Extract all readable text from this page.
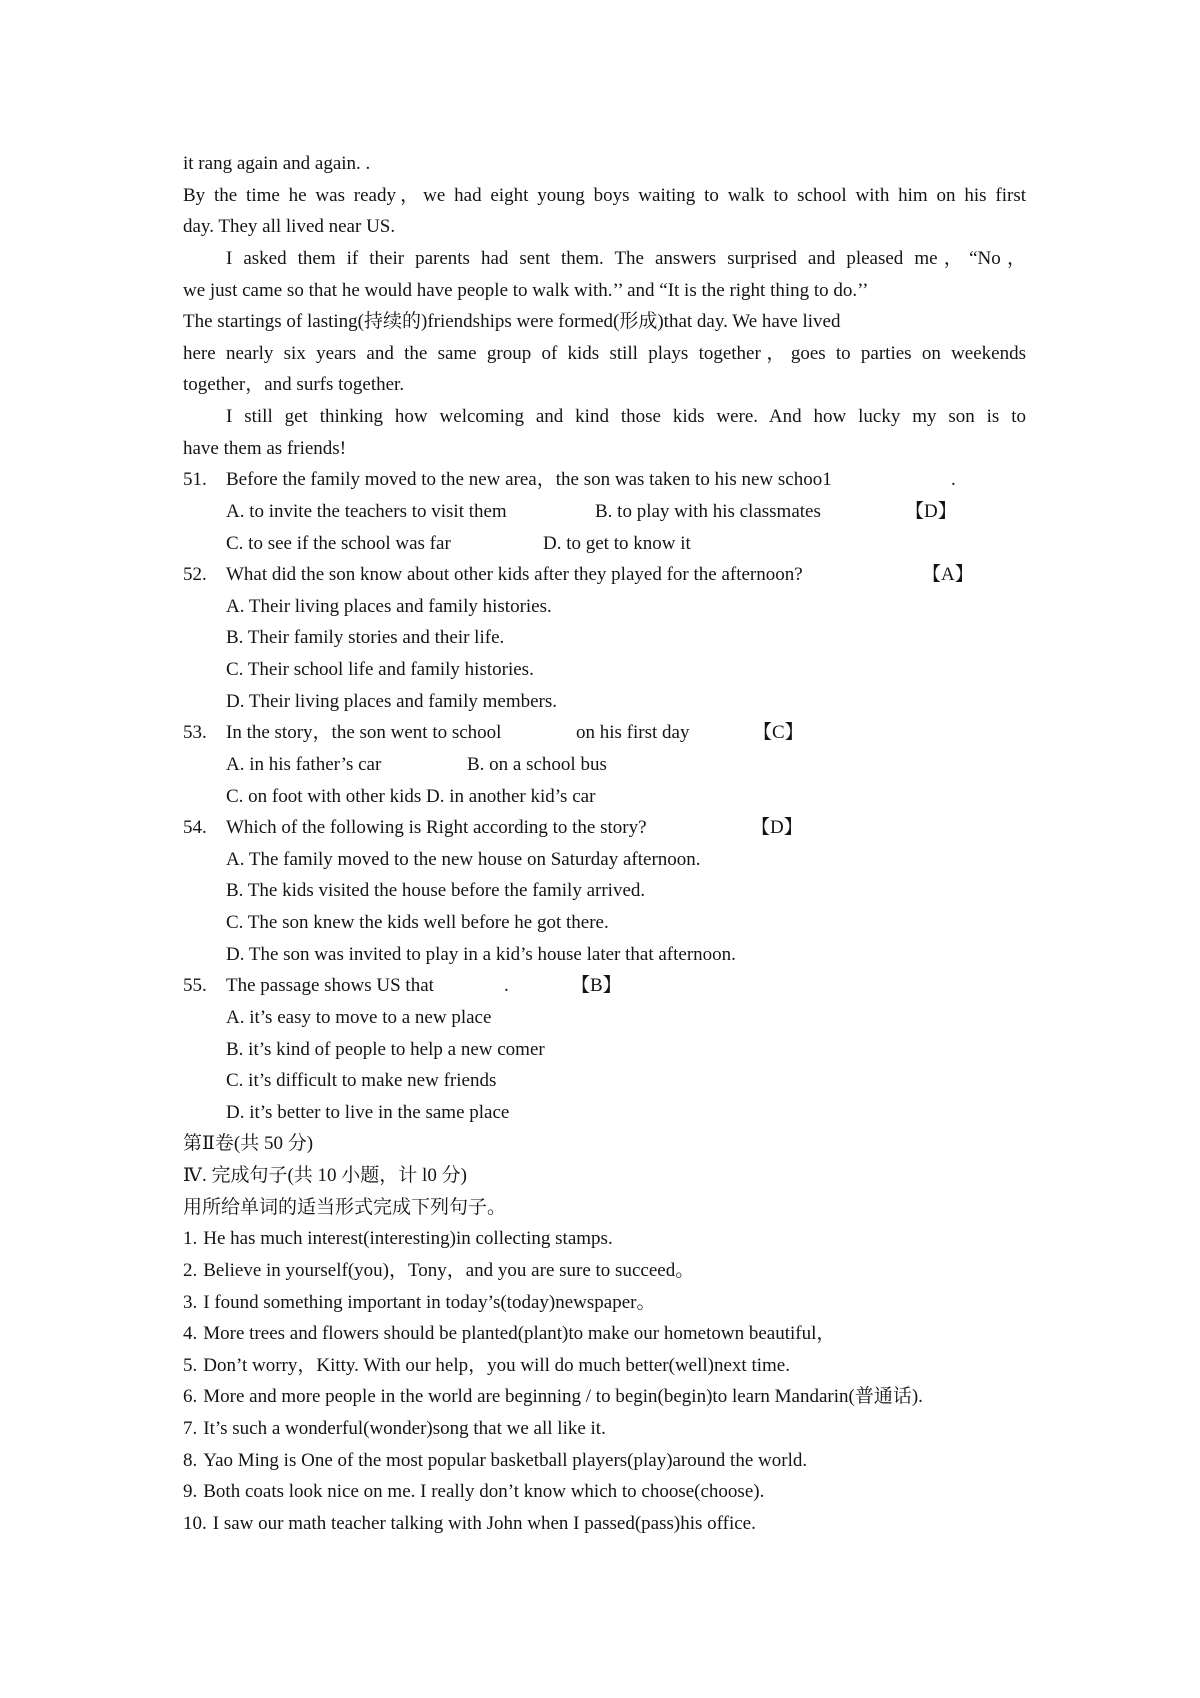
it rang again and again. .
By the time he was ready，we had eight young boys waiting to walk to school with him on his first
day. They all lived near US.
I asked them if their parents had sent them. The answers surprised and pleased me，“No，
we just came so that he would have people to walk with.’’ and “It is the right thing to do.’’
The startings of lasting(持续的)friendships were formed(形成)that day. We have lived
here nearly six years and the same group of kids still plays together，goes to parties on weekends
together，and surfs together.
I still get thinking how welcoming and kind those kids were. And how lucky my son is to
have them as friends!
51. Before the family moved to the new area，the son was taken to his new schoo1	.
A. to invite the teachers to visit them	B. to play with his classmates	【D】
C. to see if the school was far	D. to get to know it
52. What did the son know about other kids after they played for the afternoon?	【A】
A. Their living places and family histories.
B. Their family stories and their life.
C. Their school life and family histories.
D. Their living places and family members.
53. In the story，the son went to school	on his first day	【C】
A. in his father’s car	B. on a school bus
C. on foot with other kids D. in another kid’s car
54. Which of the following is Right according to the story?	【D】
A. The family moved to the new house on Saturday afternoon.
B. The kids visited the house before the family arrived.
C. The son knew the kids well before he got there.
D. The son was invited to play in a kid’s house later that afternoon.
55. The passage shows US that	.	【B】
A. it’s easy to move to a new place
B. it’s kind of people to help a new comer
C. it’s difficult to make new friends
D. it’s better to live in the same place
第Ⅱ卷(共 50 分)
Ⅳ. 完成句子(共 10 小题，计 l0 分)
用所给单词的适当形式完成下列句子。
1. He has much interest(interesting)in collecting stamps.
2. Believe in yourself(you)，Tony，and you are sure to succeed。
3. I found something important in today’s(today)newspaper。
4. More trees and flowers should be planted(plant)to make our hometown beautiful，
5. Don’t worry，Kitty. With our help，you will do much better(well)next time.
6. More and more people in the world are beginning / to begin(begin)to learn Mandarin(普通话).
7. It’s such a wonderful(wonder)song that we all like it.
8. Yao Ming is One of the most popular basketball players(play)around the world.
9. Both coats look nice on me. I really don’t know which to choose(choose).
10. I saw our math teacher talking with John when I passed(pass)his office.
